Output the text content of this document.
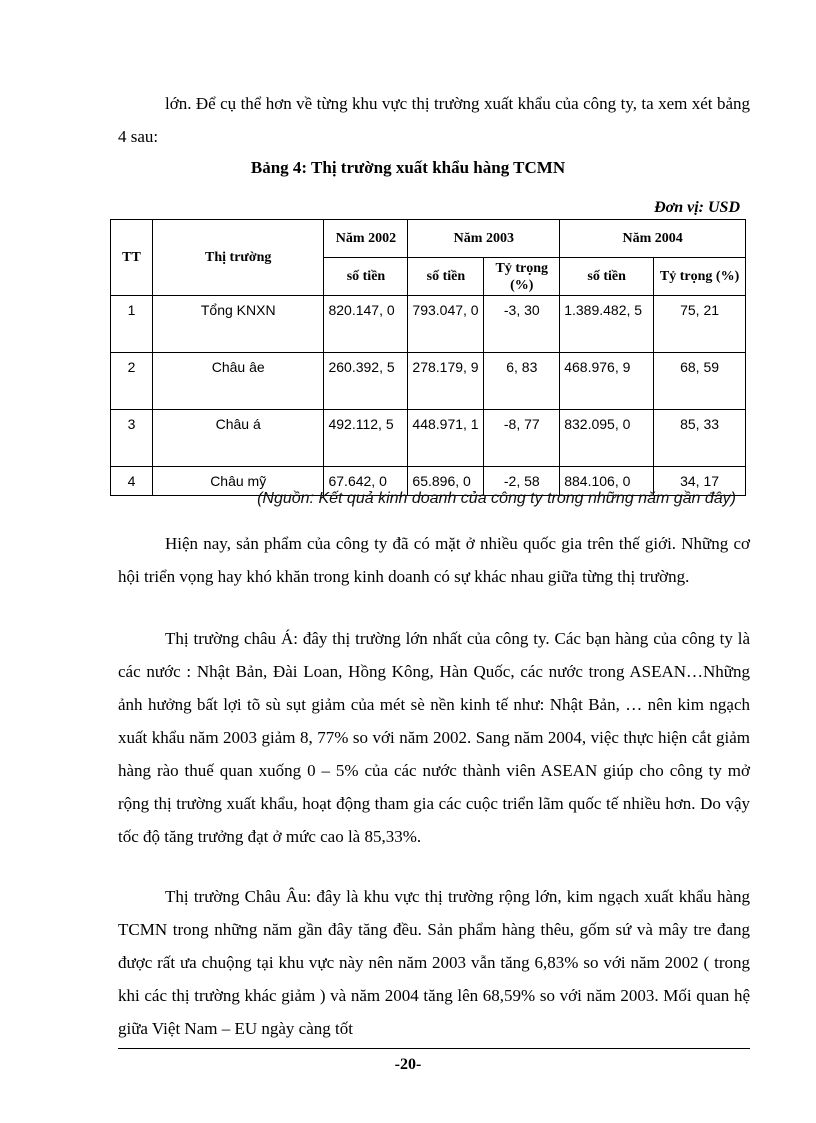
lớn. Để cụ thể hơn về từng khu vực thị trường xuất khẩu của công ty, ta xem xét bảng 4 sau:
Bảng 4: Thị trường xuất khẩu hàng TCMN
Đơn vị: USD
TT	Thị trường	Năm 2002	Năm 2003		Năm 2004	
		số tiền	số tiền	Tỷ trọng (%)	số tiền	Tỷ trọng (%)
1	Tổng KNXN	820.147, 0	793.047, 0	-3, 30	1.389.482, 5	75, 21
2	Châu âe	260.392, 5	278.179, 9	6, 83	468.976, 9	68, 59
3	Châu á	492.112, 5	448.971, 1	-8, 77	832.095, 0	85, 33
4	Châu mỹ	67.642, 0	65.896, 0	-2, 58	884.106, 0	34, 17
(Nguồn: Kết quả kinh doanh của công ty trong những năm gần đây)
Hiện nay, sản phẩm của công ty đã có mặt ở nhiều quốc gia trên thế giới. Những cơ hội triển vọng hay khó khăn trong kinh doanh có sự khác nhau giữa từng thị trường.
Thị trường châu Á: đây thị trường lớn nhất của công ty. Các bạn hàng của công ty là các nước : Nhật Bản, Đài Loan, Hồng Kông, Hàn Quốc, các nước trong ASEAN…Những ảnh hưởng bất lợi tõ sù sụt giảm của mét sè nền kinh tế như: Nhật Bản, … nên kim ngạch xuất khẩu năm 2003 giảm 8, 77% so với năm 2002. Sang năm 2004, việc thực hiện cắt giảm hàng rào thuế quan xuống 0 – 5% của các nước thành viên ASEAN giúp cho công ty mở rộng thị trường xuất khẩu, hoạt động tham gia các cuộc triển lãm quốc tế nhiều hơn. Do vậy tốc độ tăng trưởng đạt ở mức cao là 85,33%.
Thị trường Châu Âu: đây là khu vực thị trường rộng lớn, kim ngạch xuất khẩu hàng TCMN trong những năm gần đây tăng đều. Sản phẩm hàng thêu, gốm sứ và mây tre đang được rất ưa chuộng tại khu vực này nên năm 2003 vẫn tăng 6,83% so với năm 2002 ( trong khi các thị trường khác giảm ) và năm 2004 tăng lên 68,59% so với năm 2003. Mối quan hệ giữa Việt Nam – EU ngày càng tốt
-20-
